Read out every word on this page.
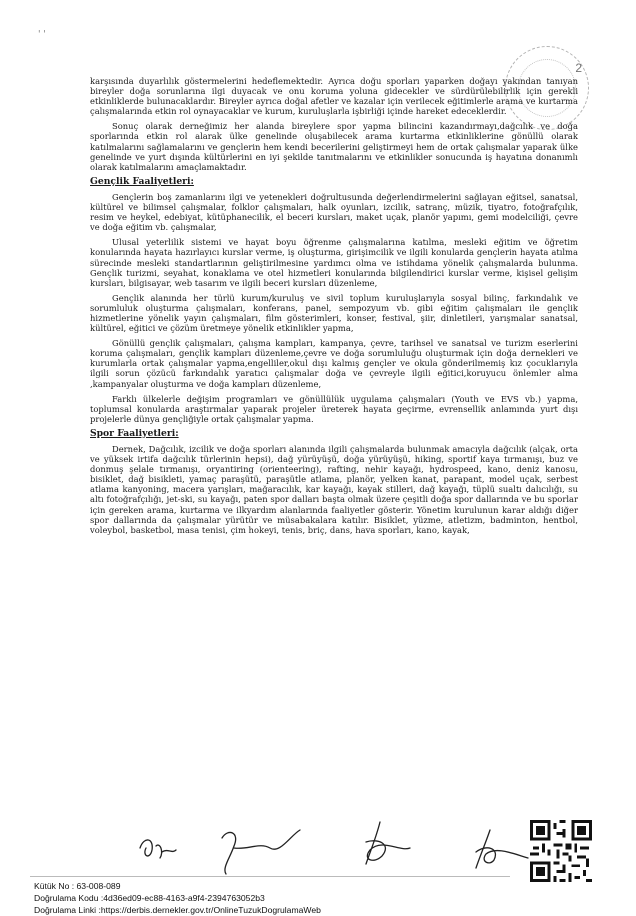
' '
2

karşısında duyarlılık göstermelerini hedeflemektedir. Ayrıca doğu sporları yaparken doğayı yakından tanıyan bireyler doğa sorunlarına ilgi duyacak ve onu koruma yoluna gidecekler ve sürdürülebilirlik için gerekli etkinliklerde bulunacaklardır. Bireyler ayrıca doğal afetler ve kazalar için verilecek eğitimlerle arama ve kurtarma çalışmalarında etkin rol oynayacaklar ve kurum, kuruluşlarla işbirliği içinde hareket edeceklerdir.

Sonuç olarak derneğimiz her alanda bireylere spor yapma bilincini kazandırmayı,dağcılık ve doğa sporlarında etkin rol alarak ülke genelinde oluşabilecek arama kurtarma etkinliklerine gönüllü olarak katılmalarını sağlamalarını ve gençlerin hem kendi becerilerini geliştirmeyi hem de ortak çalışmalar yaparak ülke genelinde ve yurt dışında kültürlerini en iyi şekilde tanıtmalarını ve etkinlikler sonucunda iş hayatına donanımlı olarak katılmalarını amaçlamaktadır.

Gençlik Faaliyetleri:

Gençlerin boş zamanlarını ilgi ve yetenekleri doğrultusunda değerlendirmelerini sağlayan eğitsel, sanatsal, kültürel ve bilimsel çalışmalar, folklor çalışmaları, halk oyunları, izcilik, satranç, müzik, tiyatro, fotoğrafçılık, resim ve heykel, edebiyat, kütüphanecilik, el beceri kursları, maket uçak, planör yapımı, gemi modelciliği, çevre ve doğa eğitim vb. çalışmalar,

Ulusal yeterlilik sistemi ve hayat boyu öğrenme çalışmalarına katılma, mesleki eğitim ve öğretim konularında hayata hazırlayıcı kurslar verme, iş oluşturma, girişimcilik ve ilgili konularda gençlerin hayata atılma sürecinde mesleki standartlarının geliştirilmesine yardımcı olma ve istihdama yönelik çalışmalarda bulunma. Gençlik turizmi, seyahat, konaklama ve otel hizmetleri konularında bilgilendirici kurslar verme, kişisel gelişim kursları, bilgisayar, web tasarım ve ilgili beceri kursları düzenleme,

Gençlik alanında her türlü kurum/kuruluş ve sivil toplum kuruluşlarıyla sosyal bilinç, farkındalık ve sorumluluk oluşturma çalışmaları, konferans, panel, sempozyum vb. gibi eğitim çalışmaları ile gençlik hizmetlerine yönelik yayın çalışmaları, film gösterimleri, konser, festival, şiir, dinletileri, yarışmalar sanatsal, kültürel, eğitici ve çözüm üretmeye yönelik etkinlikler yapma,

Gönüllü gençlik çalışmaları, çalışma kampları, kampanya, çevre, tarihsel ve sanatsal ve turizm eserlerini koruma çalışmaları, gençlik kampları düzenleme,çevre ve doğa sorumluluğu oluşturmak için doğa dernekleri ve kurumlarla ortak çalışmalar yapma,engelliler,okul dışı kalmış gençler ve okula gönderilmemiş kız çocuklarıyla ilgili sorun çözücü farkındalık yaratıcı çalışmalar doğa ve çevreyle ilgili eğitici,koruyucu önlemler alma ,kampanyalar oluşturma ve doğa kampları düzenleme,

Farklı ülkelerle değişim programları ve gönüllülük uygulama çalışmaları (Youth ve EVS vb.) yapma, toplumsal konularda araştırmalar yaparak projeler üreterek hayata geçirme, evrensellik anlamında yurt dışı projelerle dünya gençliğiyle ortak çalışmalar yapma.

Spor Faaliyetleri:

Dernek, Dağcılık, izcilik ve doğa sporları alanında ilgili çalışmalarda bulunmak amacıyla dağcılık (alçak, orta ve yüksek irtifa dağcılık türlerinin hepsi), dağ yürüyüşü, doğa yürüyüşü, hiking, sportif kaya tırmanışı, buz ve donmuş şelale tırmanışı, oryantiring (orienteering), rafting, nehir kayağı, hydrospeed, kano, deniz kanosu, bisiklet, dağ bisikleti, yamaç paraşütü, paraşütle atlama, planör, yelken kanat, parapant, model uçak, serbest atlama kanyoning, macera yarışları, mağaracılık, kar kayağı, kayak stilleri, dağ kayağı, tüplü sualtı dalıcılığı, su altı fotoğrafçılığı, jet-ski, su kayağı, paten spor dalları başta olmak üzere çeşitli doğa spor dallarında ve bu sporlar için gereken arama, kurtarma ve ilkyardım alanlarında faaliyetler gösterir. Yönetim kurulunun karar aldığı diğer spor dallarında da çalışmalar yürütür ve müsabakalara katılır. Bisiklet, yüzme, atletizm, badminton, hentbol, voleybol, basketbol, masa tenisi, çim hokeyi, tenis, briç, dans, hava sporları, kano, kayak,

Kütük No : 63-008-089
Doğrulama Kodu :4d36ed09-ec88-4163-a9f4-2394763052b3
Doğrulama Linki :https://derbis.dernekler.gov.tr/OnlineTuzukDogrulamaWeb
